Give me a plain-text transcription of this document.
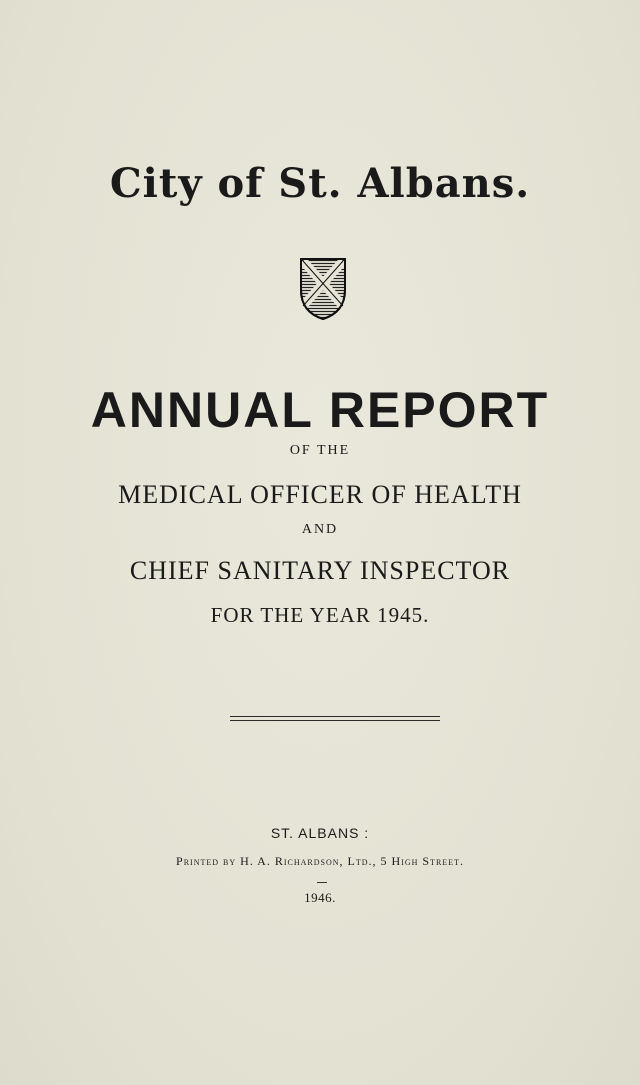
City of St. Albans.
ANNUAL REPORT
OF THE
MEDICAL OFFICER OF HEALTH
AND
CHIEF SANITARY INSPECTOR
FOR THE YEAR 1945.
ST. ALBANS :
Printed by H. A. Richardson, Ltd., 5 High Street.
1946.
